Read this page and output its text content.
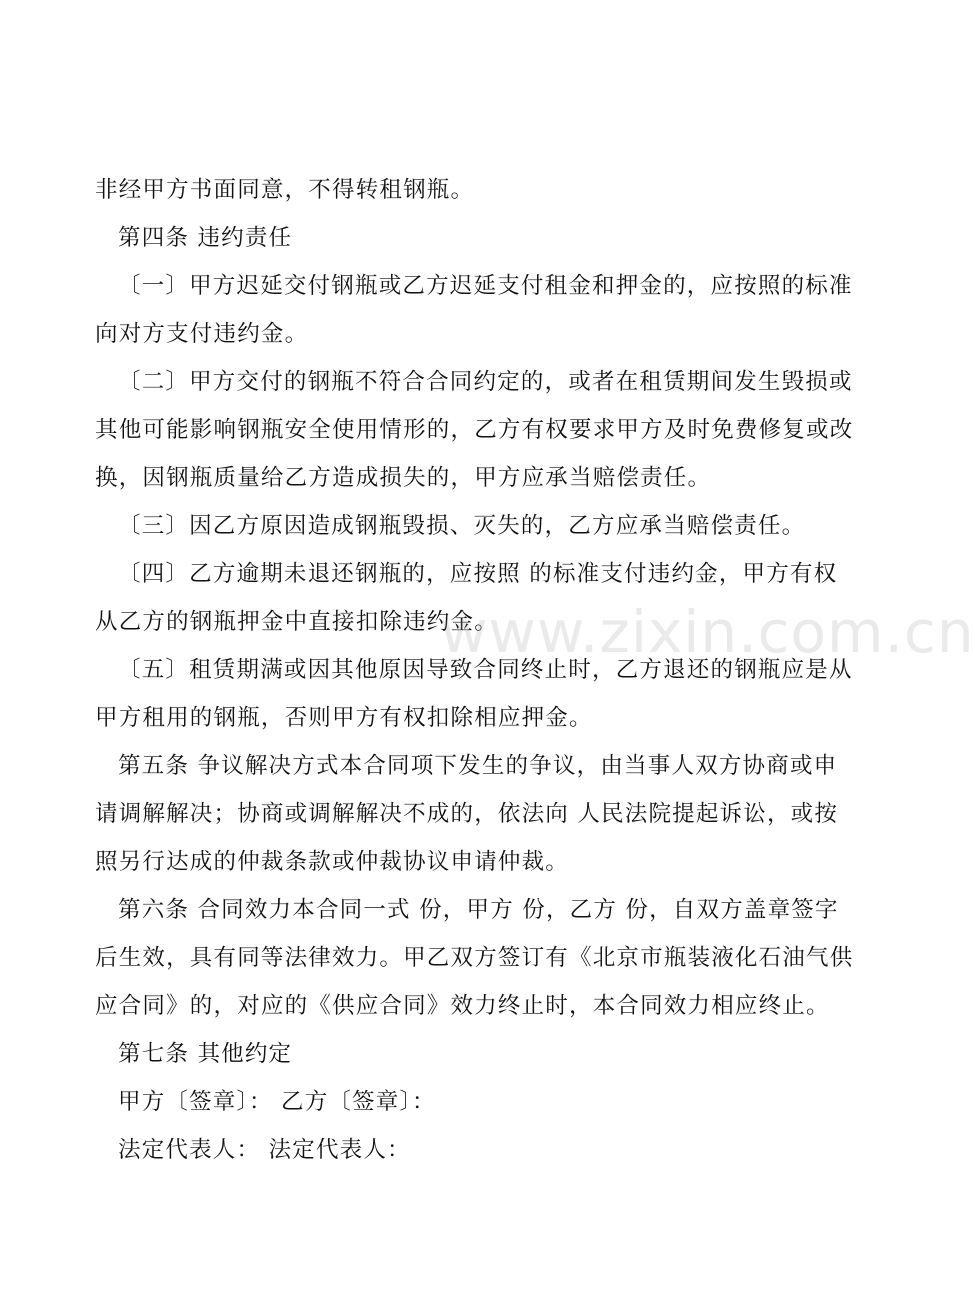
非经甲方书面同意，不得转租钢瓶。

第四条 违约责任

〔一〕甲方迟延交付钢瓶或乙方迟延支付租金和押金的，应按照的标准

向对方支付违约金。

〔二〕甲方交付的钢瓶不符合合同约定的，或者在租赁期间发生毁损或

其他可能影响钢瓶安全使用情形的，乙方有权要求甲方及时免费修复或改

换，因钢瓶质量给乙方造成损失的，甲方应承当赔偿责任。

〔三〕因乙方原因造成钢瓶毁损、灭失的，乙方应承当赔偿责任。

〔四〕乙方逾期未退还钢瓶的，应按照 的标准支付违约金，甲方有权

从乙方的钢瓶押金中直接扣除违约金。

〔五〕租赁期满或因其他原因导致合同终止时，乙方退还的钢瓶应是从

甲方租用的钢瓶，否则甲方有权扣除相应押金。

第五条 争议解决方式本合同项下发生的争议，由当事人双方协商或申

请调解解决；协商或调解解决不成的，依法向 人民法院提起诉讼，或按

照另行达成的仲裁条款或仲裁协议申请仲裁。

第六条 合同效力本合同一式 份，甲方 份，乙方 份，自双方盖章签字

后生效，具有同等法律效力。甲乙双方签订有《北京市瓶装液化石油气供

应合同》的，对应的《供应合同》效力终止时，本合同效力相应终止。

第七条 其他约定

甲方〔签章〕： 乙方〔签章〕：

法定代表人： 法定代表人：

www.zixin.com.cn
